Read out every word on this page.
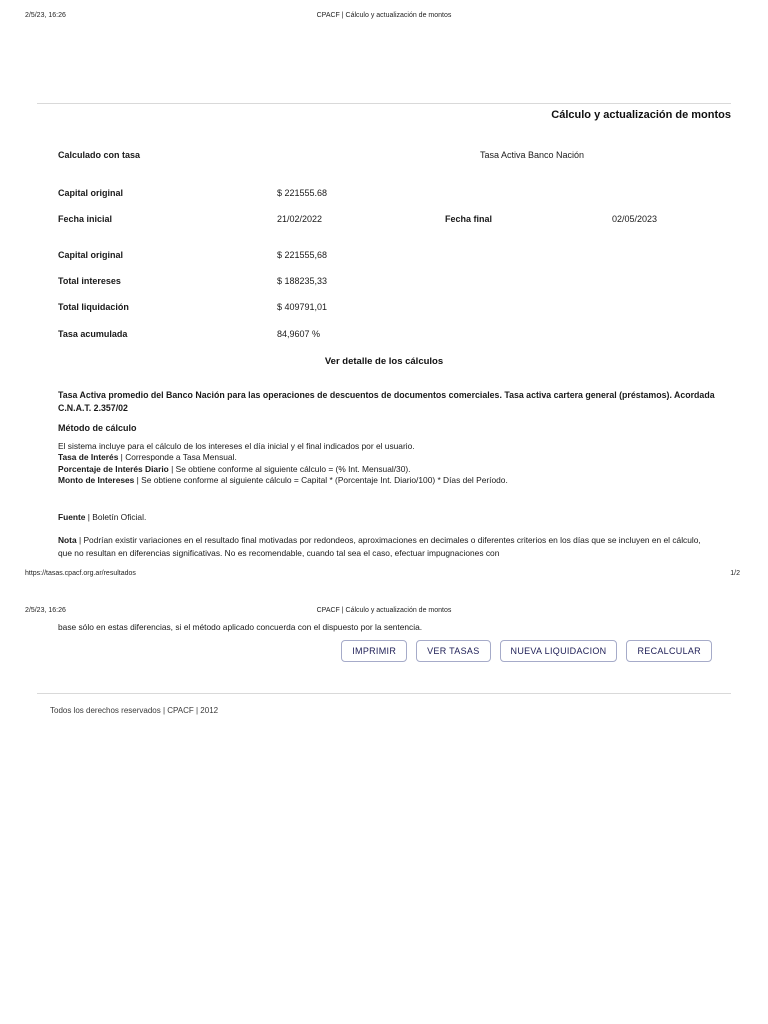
2/5/23, 16:26	CPACF | Cálculo y actualización de montos
Cálculo y actualización de montos
Calculado con tasa	Tasa Activa Banco Nación
Capital original	$ 221555.68
Fecha inicial	21/02/2022	Fecha final	02/05/2023
Capital original	$ 221555,68
Total intereses	$ 188235,33
Total liquidación	$ 409791,01
Tasa acumulada	84,9607 %
Ver detalle de los cálculos
Tasa Activa promedio del Banco Nación para las operaciones de descuentos de documentos comerciales. Tasa activa cartera general (préstamos). Acordada C.N.A.T. 2.357/02
Método de cálculo
El sistema incluye para el cálculo de los intereses el día inicial y el final indicados por el usuario.
Tasa de Interés | Corresponde a Tasa Mensual.
Porcentaje de Interés Diario | Se obtiene conforme al siguiente cálculo = (% Int. Mensual/30).
Monto de Intereses | Se obtiene conforme al siguiente cálculo = Capital * (Porcentaje Int. Diario/100) * Días del Período.
Fuente | Boletín Oficial.
Nota | Podrían existir variaciones en el resultado final motivadas por redondeos, aproximaciones en decimales o diferentes criterios en los días que se incluyen en el cálculo, que no resultan en diferencias significativas. No es recomendable, cuando tal sea el caso, efectuar impugnaciones con
https://tasas.cpacf.org.ar/resultados	1/2
2/5/23, 16:26	CPACF | Cálculo y actualización de montos
base sólo en estas diferencias, si el método aplicado concuerda con el dispuesto por la sentencia.
IMPRIMIR	VER TASAS	NUEVA LIQUIDACION	RECALCULAR
Todos los derechos reservados | CPACF | 2012
